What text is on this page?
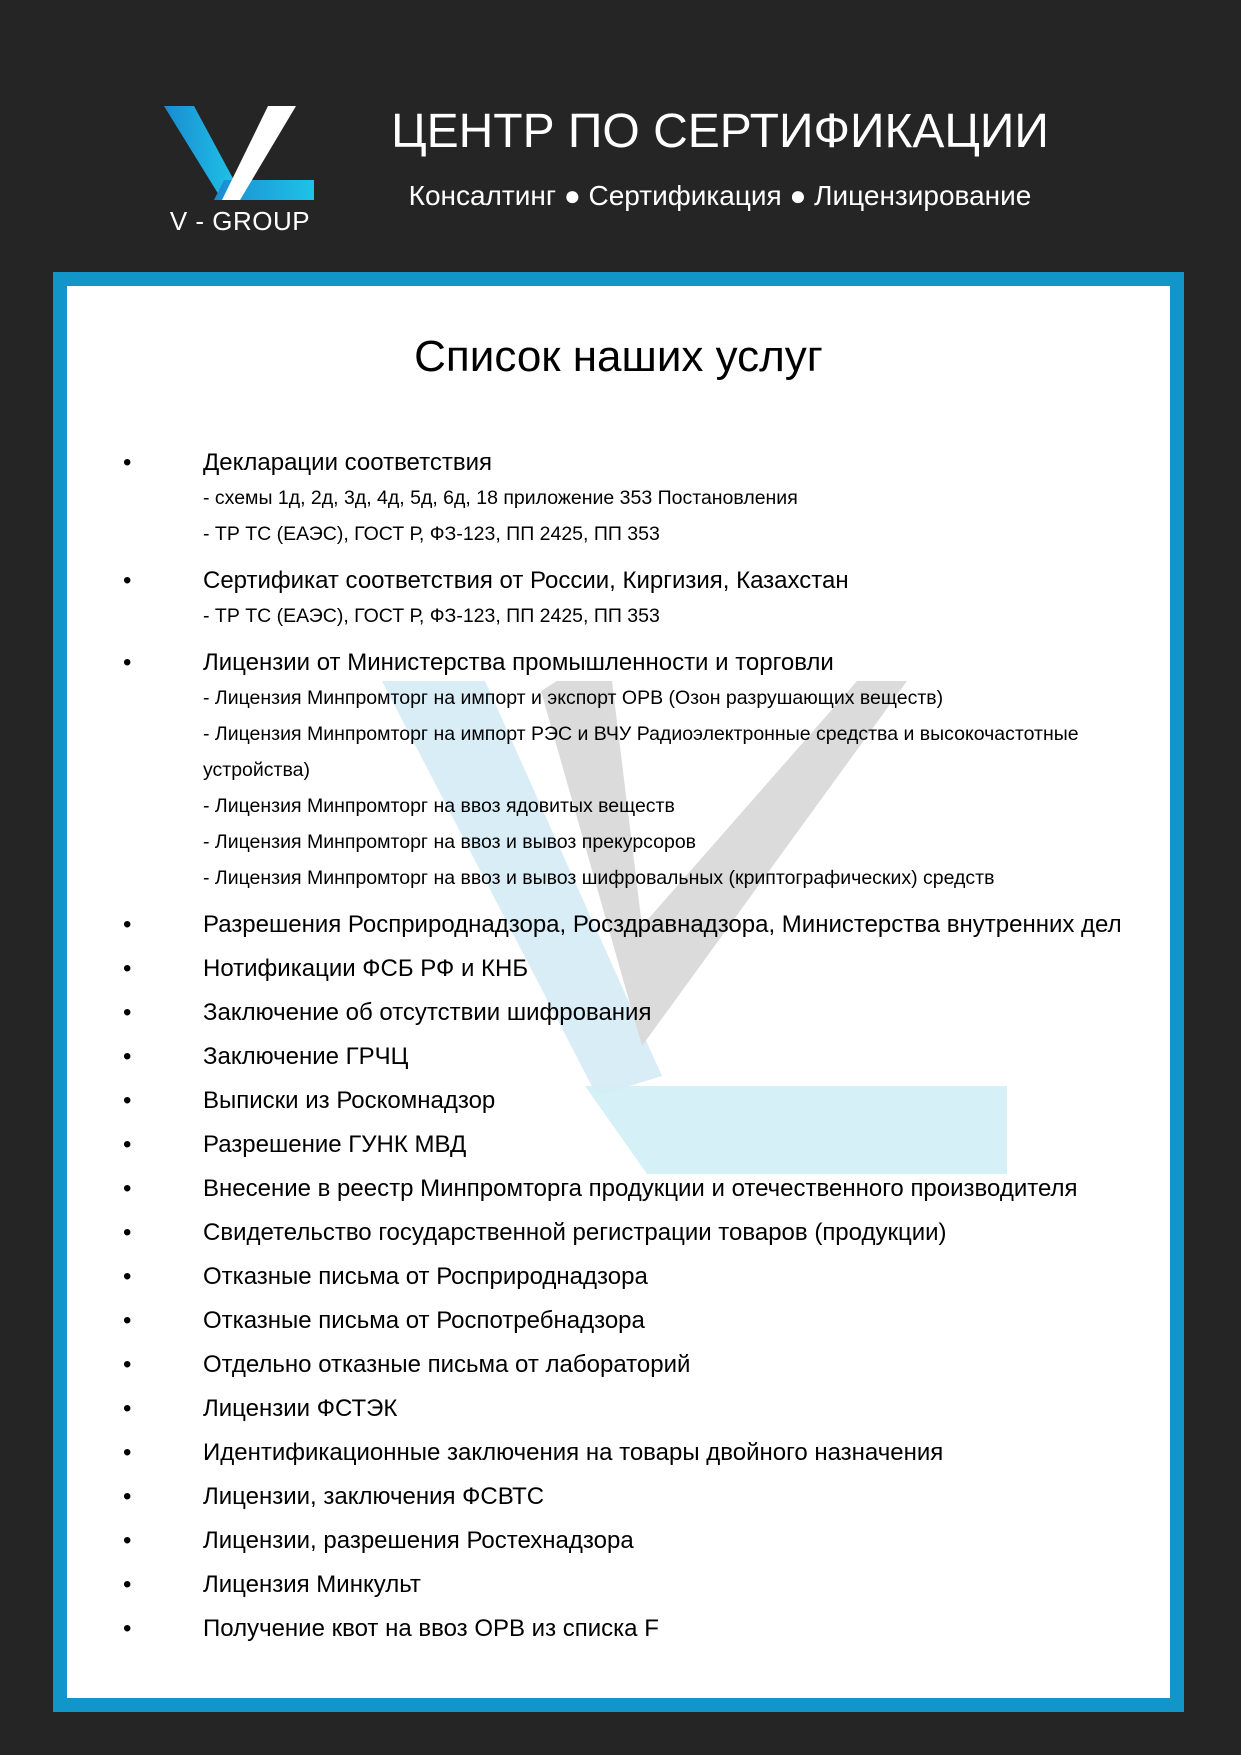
V - GROUP
ЦЕНТР ПО СЕРТИФИКАЦИИ
Консалтинг ● Сертификация ● Лицензирование
Список наших услуг
•	Декларации соответствия
- схемы 1д, 2д, 3д, 4д, 5д, 6д, 18 приложение 353 Постановления
- ТР ТС (ЕАЭС), ГОСТ Р, ФЗ-123, ПП 2425, ПП 353
•	Сертификат соответствия от России, Киргизия, Казахстан
- ТР ТС (ЕАЭС), ГОСТ Р, ФЗ-123, ПП 2425, ПП 353
•	Лицензии от Министерства промышленности и торговли
- Лицензия Минпромторг на импорт и экспорт ОРВ (Озон разрушающих веществ)
- Лицензия Минпромторг на импорт РЭС и ВЧУ Радиоэлектронные средства и высокочастотные устройства)
- Лицензия Минпромторг на ввоз ядовитых веществ
- Лицензия Минпромторг на ввоз и вывоз прекурсоров
- Лицензия Минпромторг на ввоз и вывоз шифровальных (криптографических) средств
•	Разрешения Росприроднадзора, Росздравнадзора, Министерства внутренних дел
•	Нотификации ФСБ РФ и КНБ
•	Заключение об отсутствии шифрования
•	Заключение ГРЧЦ
•	Выписки из Роскомнадзор
•	Разрешение ГУНК МВД
•	Внесение в реестр Минпромторга продукции и отечественного производителя
•	Свидетельство государственной регистрации товаров (продукции)
•	Отказные письма от Росприроднадзора
•	Отказные письма от Роспотребнадзора
•	Отдельно отказные письма от лабораторий
•	Лицензии ФСТЭК
•	Идентификационные заключения на товары двойного назначения
•	Лицензии, заключения ФСВТС
•	Лицензии, разрешения Ростехнадзора
•	Лицензия Минкульт
•	Получение квот на ввоз ОРВ из списка F
